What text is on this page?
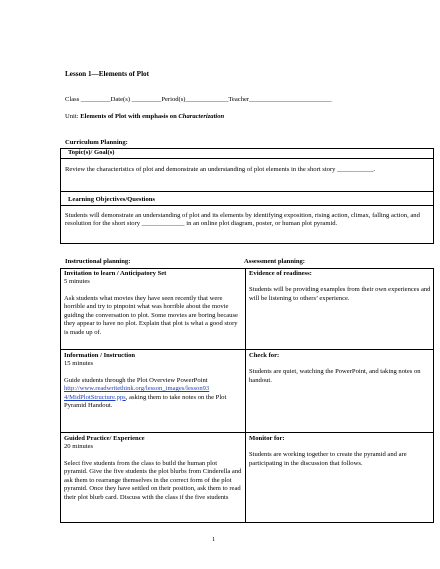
Lesson 1—Elements of Plot
Class _________Date(s) _________Period(s)_____________Teacher_________________________
Unit: Elements of Plot with emphasis on Characterization
Curriculum Planning:
Topic(s)/ Goal(s)
Review the characteristics of plot and demonstrate an understanding of plot elements in the short story ___________.
Learning Objectives/Questions
Students will demonstrate an understanding of plot and its elements by identifying exposition, rising action, climax, falling action, and resolution for the short story _____________ in an online plot diagram, poster, or human plot pyramid.
Instructional planning:	Assessment planning:

Invitation to learn / Anticipatory Set

5 minutes

Ask students what movies they have seen recently that were horrible and try to pinpoint what was horrible about the movie guiding the conversation to plot. Some movies are boring because they appear to have no plot. Explain that plot is what a good story is made up of.

Evidence of readiness:

Students will be providing examples from their own experiences and will be listening to others’ experience.

Information / Instruction

15 minutes

Guide students through the Plot Overview PowerPoint http://www.readwritethink.org/lesson_images/lesson93 4/MidPlotStructure.pps, asking them to take notes on the Plot Pyramid Handout.

Check for:

Students are quiet, watching the PowerPoint, and taking notes on handout.

Guided Practice/ Experience

20 minutes

Select five students from the class to build the human plot pyramid. Give the five students the plot blurbs from Cinderella and ask them to rearrange themselves in the correct form of the plot pyramid. Once they have settled on their position, ask them to read their plot blurb card. Discuss with the class if the five students

Monitor for:

Students are working together to create the pyramid and are participating in the discussion that follows.

1
